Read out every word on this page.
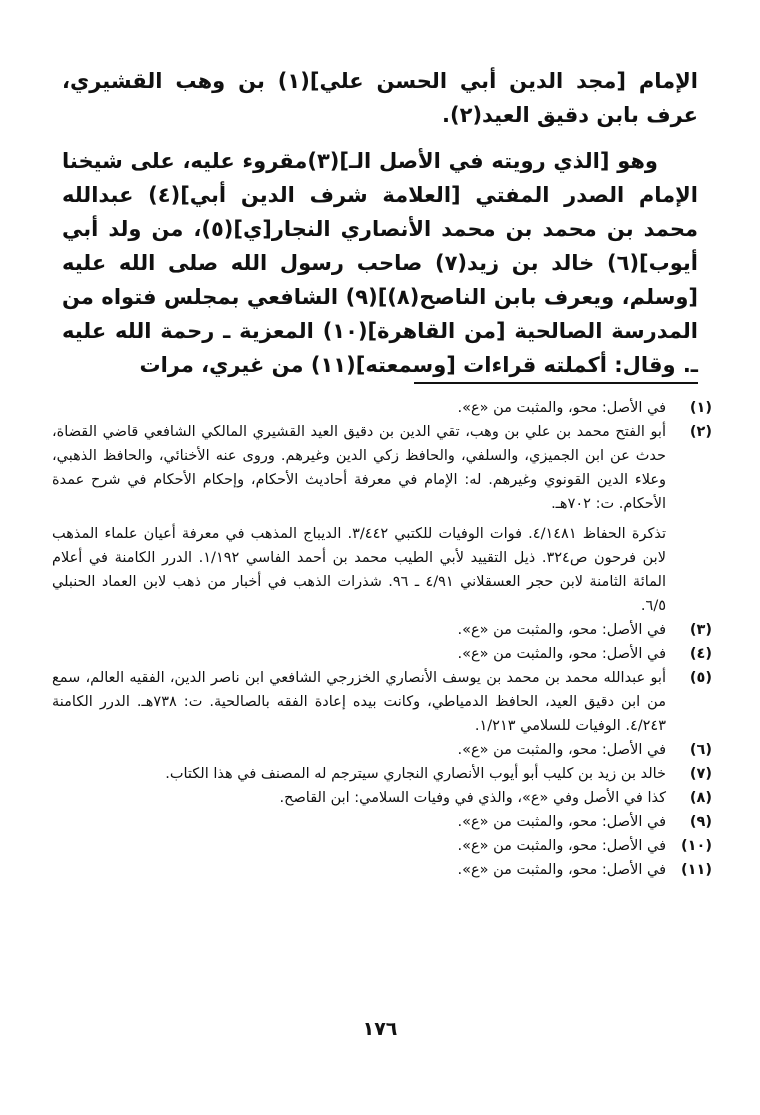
الإمام [مجد الدين أبي الحسن علي](١) بن وهب القشيري، عرف بابن دقيق العيد(٢).

وهو [الذي رويته في الأصل الـ](٣)مقروء عليه، على شيخنا الإمام الصدر المفتي [العلامة شرف الدين أبي](٤) عبدالله محمد بن محمد بن محمد الأنصاري النجار[ي](٥)، من ولد أبي أيوب](٦) خالد بن زيد(٧) صاحب رسول الله صلى الله عليه [وسلم، ويعرف بابن الناصح(٨)](٩) الشافعي بمجلس فتواه من المدرسة الصالحية [من القاهرة](١٠) المعزية ـ رحمة الله عليه ـ. وقال: أكملته قراءات [وسمعته](١١) من غيري، مرات

(١)
في الأصل: محو، والمثبت من «ع».
(٢)
أبو الفتح محمد بن علي بن وهب، تقي الدين بن دقيق العيد القشيري المالكي الشافعي قاضي القضاة، حدث عن ابن الجميزي، والسلفي، والحافظ زكي الدين وغيرهم. وروى عنه الأخنائي، والحافظ الذهبي، وعلاء الدين القونوي وغيرهم. له: الإمام في معرفة أحاديث الأحكام، وإحكام الأحكام في شرح عمدة الأحكام. ت: ٧٠٢هـ.
تذكرة الحفاظ ٤/١٤٨١. فوات الوفيات للكتبي ٣/٤٤٢. الديباج المذهب في معرفة أعيان علماء المذهب لابن فرحون ص٣٢٤. ذيل التقييد لأبي الطيب محمد بن أحمد الفاسي ١/١٩٢. الدرر الكامنة في أعلام المائة الثامنة لابن حجر العسقلاني ٤/٩١ ـ ٩٦. شذرات الذهب في أخبار من ذهب لابن العماد الحنبلي ٦/٥.
(٣)
في الأصل: محو، والمثبت من «ع».
(٤)
في الأصل: محو، والمثبت من «ع».
(٥)
أبو عبدالله محمد بن محمد بن يوسف الأنصاري الخزرجي الشافعي ابن ناصر الدين، الفقيه العالم، سمع من ابن دقيق العيد، الحافظ الدمياطي، وكانت بيده إعادة الفقه بالصالحية. ت: ٧٣٨هـ. الدرر الكامنة ٤/٢٤٣. الوفيات للسلامي ١/٢١٣.
(٦)
في الأصل: محو، والمثبت من «ع».
(٧)
خالد بن زيد بن كليب أبو أيوب الأنصاري النجاري سيترجم له المصنف في هذا الكتاب.
(٨)
كذا في الأصل وفي «ع»، والذي في وفيات السلامي: ابن القاصح.
(٩)
في الأصل: محو، والمثبت من «ع».
(١٠)
في الأصل: محو، والمثبت من «ع».
(١١)
في الأصل: محو، والمثبت من «ع».
١٧٦
